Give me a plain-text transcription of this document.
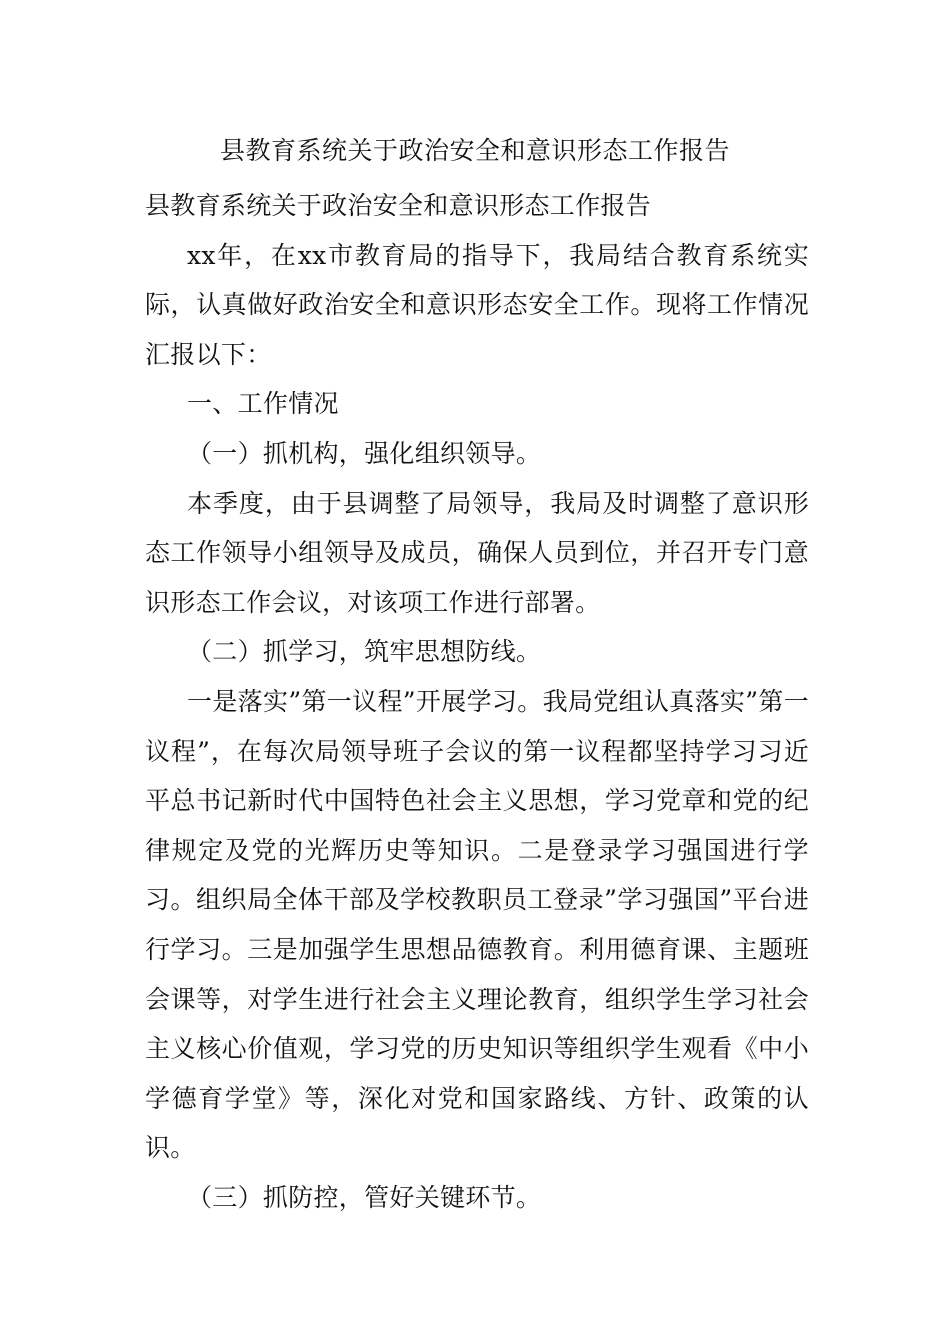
县教育系统关于政治安全和意识形态工作报告

县教育系统关于政治安全和意识形态工作报告

xx年，在xx市教育局的指导下，我局结合教育系统实际，认真做好政治安全和意识形态安全工作。现将工作情况汇报以下：

一、工作情况

（一）抓机构，强化组织领导。

本季度，由于县调整了局领导，我局及时调整了意识形态工作领导小组领导及成员，确保人员到位，并召开专门意识形态工作会议，对该项工作进行部署。

（二）抓学习，筑牢思想防线。

一是落实”第一议程”开展学习。我局党组认真落实”第一议程”，在每次局领导班子会议的第一议程都坚持学习习近平总书记新时代中国特色社会主义思想，学习党章和党的纪律规定及党的光辉历史等知识。二是登录学习强国进行学习。组织局全体干部及学校教职员工登录”学习强国”平台进行学习。三是加强学生思想品德教育。利用德育课、主题班会课等，对学生进行社会主义理论教育，组织学生学习社会主义核心价值观，学习党的历史知识等组织学生观看《中小学德育学堂》等，深化对党和国家路线、方针、政策的认识。

（三）抓防控，管好关键环节。
